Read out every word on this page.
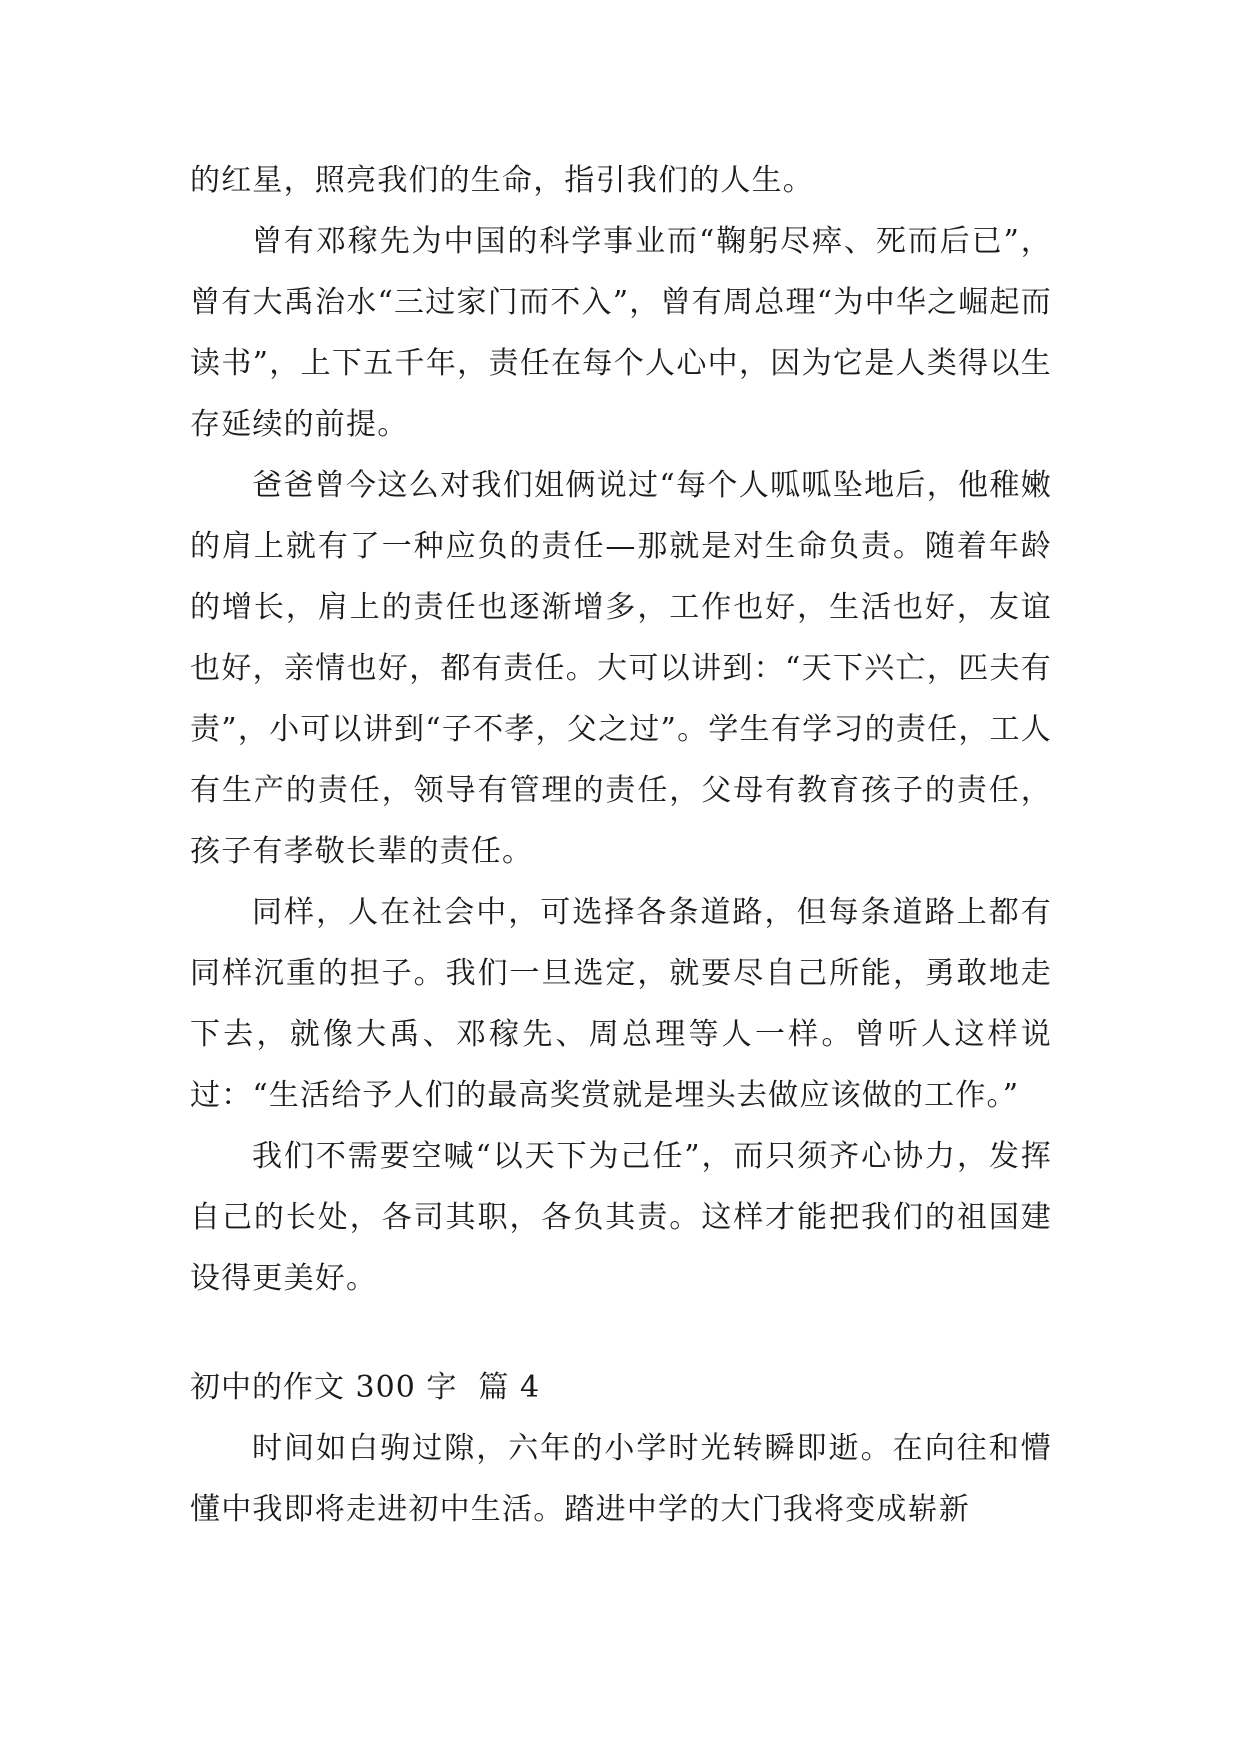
的红星，照亮我们的生命，指引我们的人生。

曾有邓稼先为中国的科学事业而“鞠躬尽瘁、死而后已”，曾有大禹治水“三过家门而不入”，曾有周总理“为中华之崛起而读书”，上下五千年，责任在每个人心中，因为它是人类得以生存延续的前提。

爸爸曾今这么对我们姐俩说过“每个人呱呱坠地后，他稚嫩的肩上就有了一种应负的责任—那就是对生命负责。随着年龄的增长，肩上的责任也逐渐增多，工作也好，生活也好，友谊也好，亲情也好，都有责任。大可以讲到：“天下兴亡，匹夫有责”，小可以讲到“子不孝，父之过”。学生有学习的责任，工人有生产的责任，领导有管理的责任，父母有教育孩子的责任，孩子有孝敬长辈的责任。

同样，人在社会中，可选择各条道路，但每条道路上都有同样沉重的担子。我们一旦选定，就要尽自己所能，勇敢地走下去，就像大禹、邓稼先、周总理等人一样。曾听人这样说过：“生活给予人们的最高奖赏就是埋头去做应该做的工作。”

我们不需要空喊“以天下为己任”，而只须齐心协力，发挥自己的长处，各司其职，各负其责。这样才能把我们的祖国建设得更美好。

初中的作文 300 字 篇 4

时间如白驹过隙，六年的小学时光转瞬即逝。在向往和懵懂中我即将走进初中生活。踏进中学的大门我将变成崭新
